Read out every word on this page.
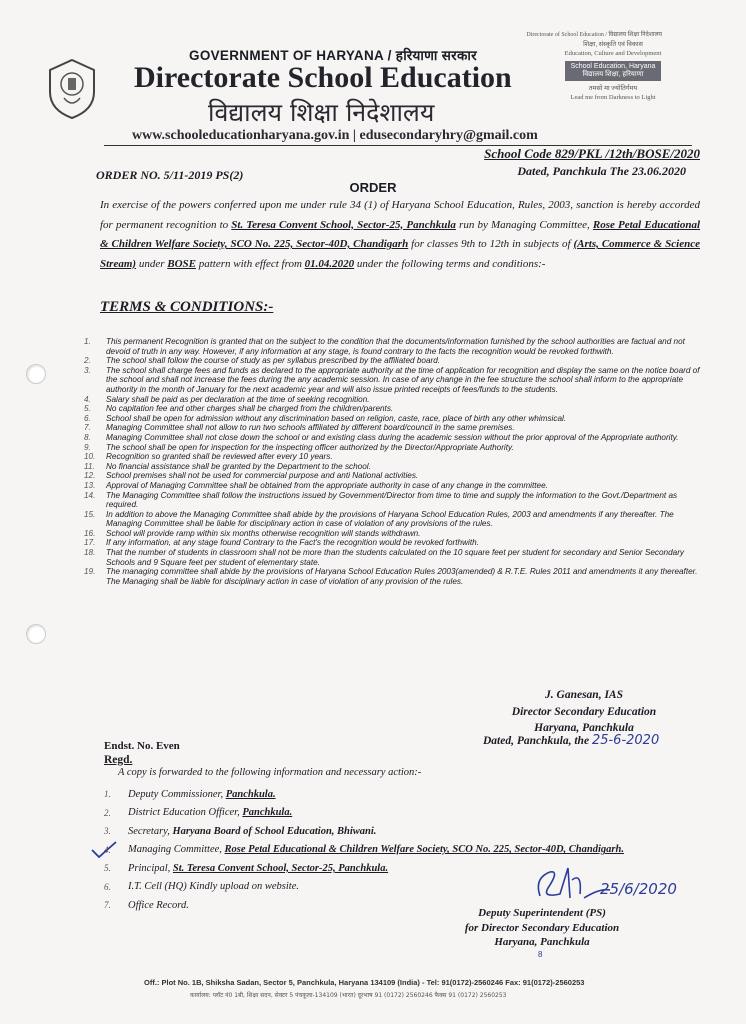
Directorate of School Education / विद्यालय शिक्षा निदेशालय
GOVERNMENT OF HARYANA / हरियाणा सरकार
Directorate School Education
विद्यालय शिक्षा निदेशालय
शिक्षा, संस्कृति एवं विकास
Education, Culture and Development
School Education, Haryana
विद्यालय शिक्षा, हरियाणा
तमसो मा ज्योतिर्गमय
Lead me from Darkness to Light
www.schooleducationharyana.gov.in | edusecondaryhry@gmail.com
School Code 829/PKL /12th/BOSE/2020
Dated, Panchkula The 23.06.2020
ORDER NO. 5/11-2019 PS(2)
ORDER
In exercise of the powers conferred upon me under rule 34 (1) of Haryana School Education, Rules, 2003, sanction is hereby accorded for permanent recognition to St. Teresa Convent School, Sector-25, Panchkula run by Managing Committee, Rose Petal Educational & Children Welfare Society, SCO No. 225, Sector-40D, Chandigarh for classes 9th to 12th in subjects of (Arts, Commerce & Science Stream) under BOSE pattern with effect from 01.04.2020 under the following terms and conditions:-
TERMS & CONDITIONS:-
1.	This permanent Recognition is granted that on the subject to the condition that the documents/information furnished by the school authorities are factual and not devoid of truth in any way. However, if any information at any stage, is found contrary to the facts the recognition would be revoked forthwith.
2.	The school shall follow the course of study as per syllabus prescribed by the affiliated board.
3.	The school shall charge fees and funds as declared to the appropriate authority at the time of application for recognition and display the same on the notice board of the school and shall not increase the fees during the any academic session. In case of any change in the fee structure the school shall inform to the appropriate authority in the month of January for the next academic year and will also issue printed receipts of fees/funds to the students.
4.	Salary shall be paid as per declaration at the time of seeking recognition.
5.	No capitation fee and other charges shall be charged from the children/parents.
6.	School shall be open for admission without any discrimination based on religion, caste, race, place of birth any other whimsical.
7.	Managing Committee shall not allow to run two schools affiliated by different board/council in the same premises.
8.	Managing Committee shall not close down the school or and existing class during the academic session without the prior approval of the Appropriate authority.
9.	The school shall be open for inspection for the inspecting officer authorized by the Director/Appropriate Authority.
10.	Recognition so granted shall be reviewed after every 10 years.
11.	No financial assistance shall be granted by the Department to the school.
12.	School premises shall not be used for commercial purpose and anti National activities.
13.	Approval of Managing Committee shall be obtained from the appropriate authority in case of any change in the committee.
14.	The Managing Committee shall follow the instructions issued by Government/Director from time to time and supply the information to the Govt./Department as required.
15.	In addition to above the Managing Committee shall abide by the provisions of Haryana School Education Rules, 2003 and amendments if any thereafter. The Managing Committee shall be liable for disciplinary action in case of violation of any provisions of the rules.
16.	School will provide ramp within six months otherwise recognition will stands withdrawn.
17.	If any information, at any stage found Contrary to the Fact's the recognition would be revoked forthwith.
18.	That the number of students in classroom shall not be more than the students calculated on the 10 square feet per student for secondary and Senior Secondary Schools and 9 Square feet per student of elementary state.
19.	The managing committee shall abide by the provisions of Haryana School Education Rules 2003(amended) & R.T.E. Rules 2011 and amendments it any thereafter. The Managing shall be liable for disciplinary action in case of violation of any provision of the rules.
J. Ganesan, IAS
Director Secondary Education
Haryana, Panchkula
Dated, Panchkula, the 25-6-2020
Endst. No. Even
Regd.
A copy is forwarded to the following information and necessary action:-
1.	Deputy Commissioner, Panchkula.
2.	District Education Officer, Panchkula.
3.	Secretary, Haryana Board of School Education, Bhiwani.
4.	Managing Committee, Rose Petal Educational & Children Welfare Society, SCO No. 225, Sector-40D, Chandigarh.
5.	Principal, St. Teresa Convent School, Sector-25, Panchkula.
6.	I.T. Cell (HQ) Kindly upload on website.
7.	Office Record.
25/6/2020
Deputy Superintendent (PS)
for Director Secondary Education
Haryana, Panchkula
8
Off.: Plot No. 1B, Shiksha Sadan, Sector 5, Panchkula, Haryana 134109 (India) - Tel: 91(0172)-2560246 Fax: 91(0172)-2560253
कार्यालय: प्लॉट नं0 1बी, शिक्षा सदन, सेक्टर 5 पंचकूला-134109 (भारत) दूरभाष 91 (0172) 2560246 फैक्स 91 (0172) 2560253
